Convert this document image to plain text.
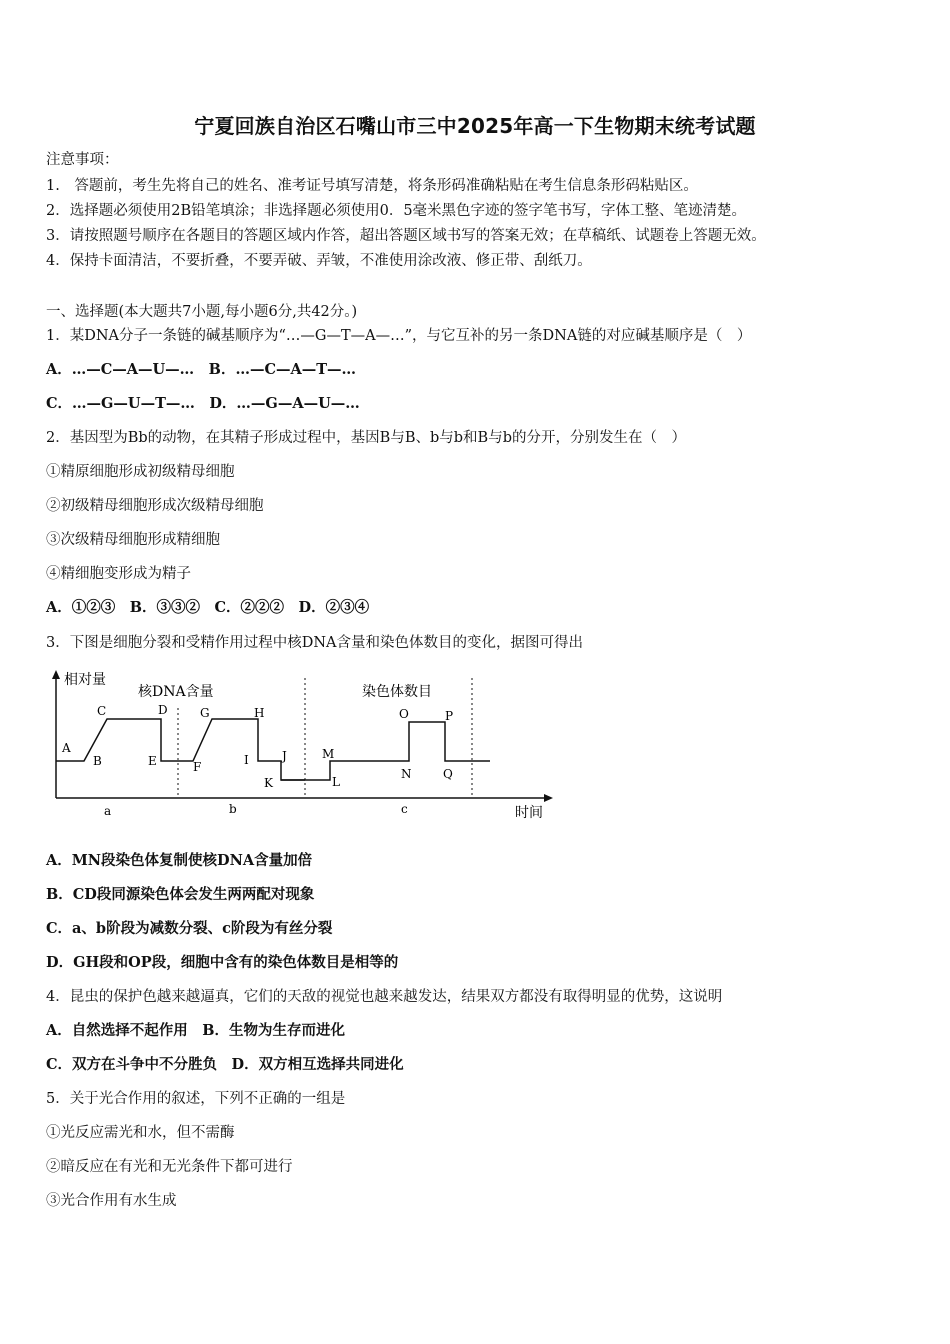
宁夏回族自治区石嘴山市三中2025年高一下生物期末统考试题
注意事项：
1.　答题前，考生先将自己的姓名、准考证号填写清楚，将条形码准确粘贴在考生信息条形码粘贴区。
2．选择题必须使用2B铅笔填涂；非选择题必须使用0．5毫米黑色字迹的签字笔书写，字体工整、笔迹清楚。
3．请按照题号顺序在各题目的答题区域内作答，超出答题区域书写的答案无效；在草稿纸、试题卷上答题无效。
4．保持卡面清洁，不要折叠，不要弄破、弄皱，不准使用涂改液、修正带、刮纸刀。
一、选择题(本大题共7小题,每小题6分,共42分。)
1．某DNA分子一条链的碱基顺序为“…—G—T—A—…”，与它互补的另一条DNA链的对应碱基顺序是（　）
A．…—C—A—U—…　B．…—C—A—T—…
C．…—G—U—T—…　D．…—G—A—U—…
2．基因型为Bb的动物，在其精子形成过程中，基因B与B、b与b和B与b的分开，分别发生在（　）
①精原细胞形成初级精母细胞
②初级精母细胞形成次级精母细胞
③次级精母细胞形成精细胞
④精细胞变形成为精子
A．①②③　B．③③②　C．②②②　D．②③④
3．下图是细胞分裂和受精作用过程中核DNA含量和染色体数目的变化，据图可得出
相对量
时间
核DNA含量	染色体数目
a	b	c
A
B
C	D
E	F
G	H
I	J
K
M
L
O	P
N	Q
A．MN段染色体复制使核DNA含量加倍
B．CD段同源染色体会发生两两配对现象
C．a、b阶段为减数分裂、c阶段为有丝分裂
D．GH段和OP段，细胞中含有的染色体数目是相等的
4．昆虫的保护色越来越逼真，它们的天敌的视觉也越来越发达，结果双方都没有取得明显的优势，这说明
A．自然选择不起作用　B．生物为生存而进化
C．双方在斗争中不分胜负　D．双方相互选择共同进化
5．关于光合作用的叙述，下列不正确的一组是
①光反应需光和水，但不需酶
②暗反应在有光和无光条件下都可进行
③光合作用有水生成
